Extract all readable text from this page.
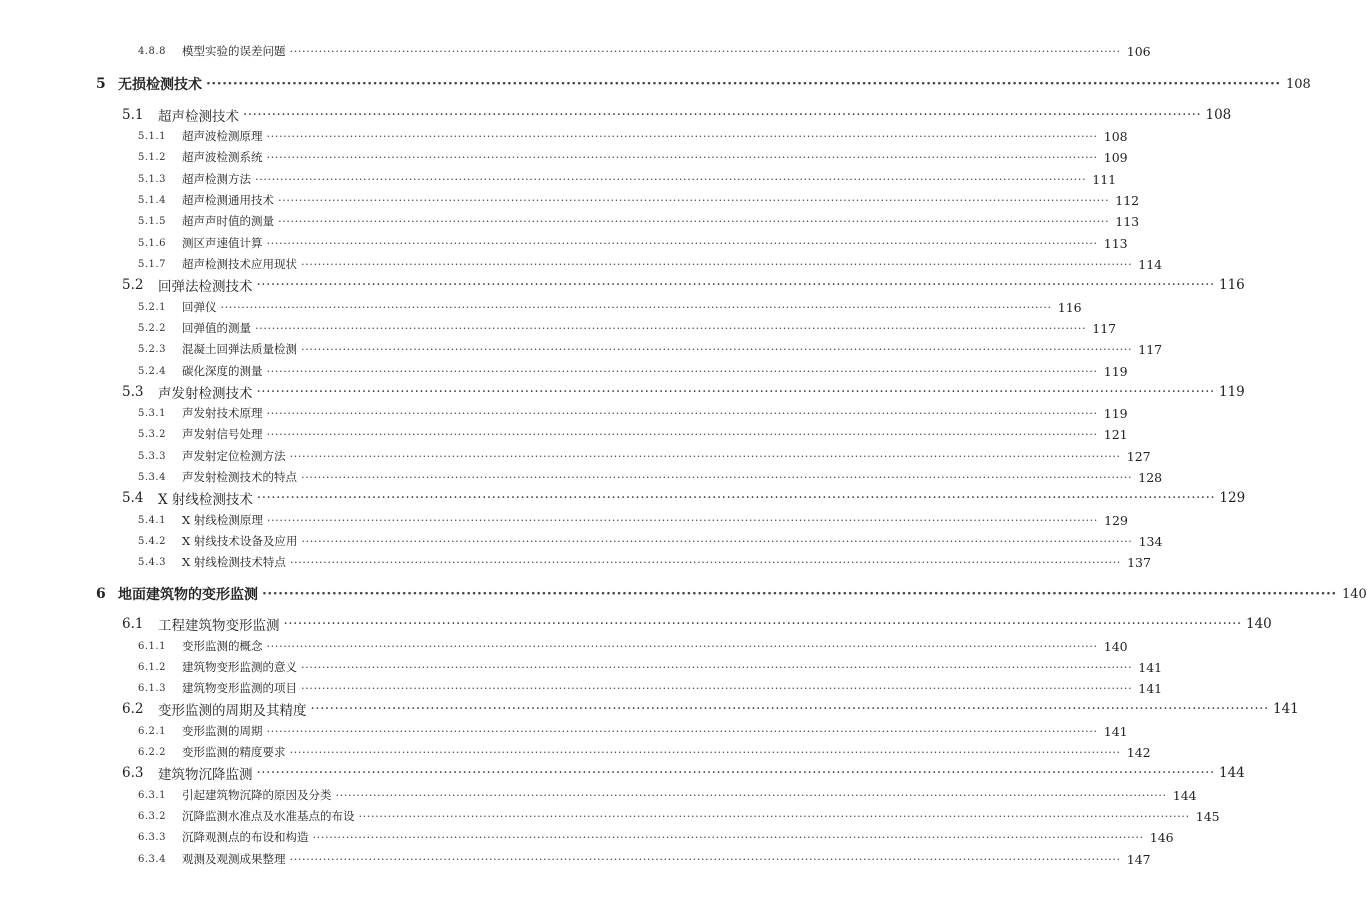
4.8.8	模型实验的误差问题 ········································································································································································································ 106
5 无损检测技术 ········································································································································································································ 108
5.1	超声检测技术 ········································································································································································································ 108
5.1.1	超声波检测原理 ········································································································································································································ 108
5.1.2	超声波检测系统 ········································································································································································································ 109
5.1.3	超声检测方法 ········································································································································································································ 111
5.1.4	超声检测通用技术 ········································································································································································································ 112
5.1.5	超声声时值的测量 ········································································································································································································ 113
5.1.6	测区声速值计算 ········································································································································································································ 113
5.1.7	超声检测技术应用现状 ········································································································································································································ 114
5.2	回弹法检测技术 ········································································································································································································ 116
5.2.1	回弹仪 ········································································································································································································ 116
5.2.2	回弹值的测量 ········································································································································································································ 117
5.2.3	混凝土回弹法质量检测 ········································································································································································································ 117
5.2.4	碳化深度的测量 ········································································································································································································ 119
5.3	声发射检测技术 ········································································································································································································ 119
5.3.1	声发射技术原理 ········································································································································································································ 119
5.3.2	声发射信号处理 ········································································································································································································ 121
5.3.3	声发射定位检测方法 ········································································································································································································ 127
5.3.4	声发射检测技术的特点 ········································································································································································································ 128
5.4	X 射线检测技术 ········································································································································································································ 129
5.4.1	X 射线检测原理 ········································································································································································································ 129
5.4.2	X 射线技术设备及应用 ········································································································································································································ 134
5.4.3	X 射线检测技术特点 ········································································································································································································ 137
6 地面建筑物的变形监测 ········································································································································································································ 140
6.1	工程建筑物变形监测 ········································································································································································································ 140
6.1.1	变形监测的概念 ········································································································································································································ 140
6.1.2	建筑物变形监测的意义 ········································································································································································································ 141
6.1.3	建筑物变形监测的项目 ········································································································································································································ 141
6.2	变形监测的周期及其精度 ········································································································································································································ 141
6.2.1	变形监测的周期 ········································································································································································································ 141
6.2.2	变形监测的精度要求 ········································································································································································································ 142
6.3	建筑物沉降监测 ········································································································································································································ 144
6.3.1	引起建筑物沉降的原因及分类 ········································································································································································································ 144
6.3.2	沉降监测水准点及水准基点的布设 ········································································································································································································ 145
6.3.3	沉降观测点的布设和构造 ········································································································································································································ 146
6.3.4	观测及观测成果整理 ········································································································································································································ 147
